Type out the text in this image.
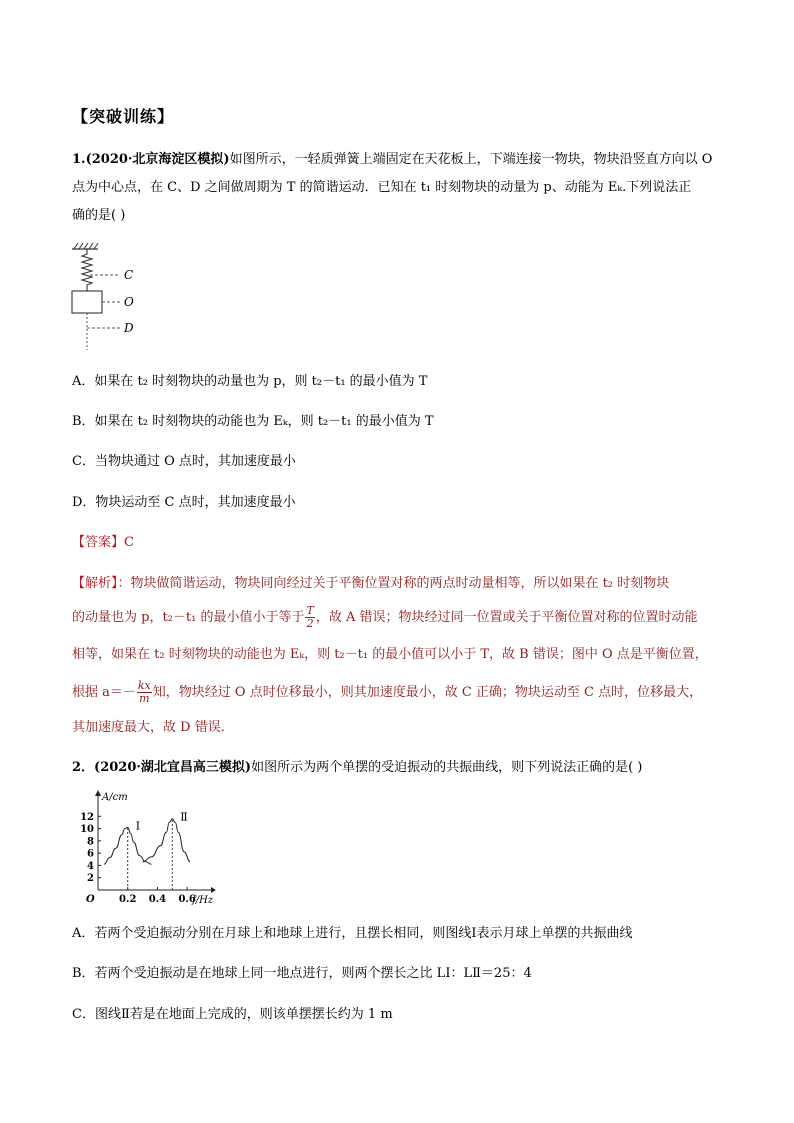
【突破训练】
1.(2020·北京海淀区模拟)如图所示，一轻质弹簧上端固定在天花板上，下端连接一物块，物块沿竖直方向以 O
点为中心点，在 C、D 之间做周期为 T 的简谐运动．已知在 t₁ 时刻物块的动量为 p、动能为 Eₖ.下列说法正
确的是( )
C
O
D
A．如果在 t₂ 时刻物块的动量也为 p，则 t₂－t₁ 的最小值为 T
B．如果在 t₂ 时刻物块的动能也为 Eₖ，则 t₂－t₁ 的最小值为 T
C．当物块通过 O 点时，其加速度最小
D．物块运动至 C 点时，其加速度最小
【答案】C
【解析】：物块做简谐运动，物块同向经过关于平衡位置对称的两点时动量相等，所以如果在 t₂ 时刻物块
的动量也为 p，t₂－t₁ 的最小值小于等于 $\frac{T}{2}$ ，故 A 错误；物块经过同一位置或关于平衡位置对称的位置时动能
相等，如果在 t₂ 时刻物块的动能也为 Eₖ，则 t₂－t₁ 的最小值可以小于 T，故 B 错误；图中 O 点是平衡位置，
根据 $a=- \frac{kx}{m}$ 知，物块经过 O 点时位移最小，则其加速度最小，故 C 正确；物块运动至 C 点时，位移最大，
其加速度最大，故 D 错误．
2．(2020·湖北宜昌高三模拟)如图所示为两个单摆的受迫振动的共振曲线，则下列说法正确的是( )
2
4
6
8
10
12
0.2 0.4 0.6
Ⅰ
Ⅱ
A/cm
f/Hz
O
A．若两个受迫振动分别在月球上和地球上进行，且摆长相同，则图线Ⅰ表示月球上单摆的共振曲线
B．若两个受迫振动是在地球上同一地点进行，则两个摆长之比 LⅠ：LⅡ＝25：4
C．图线Ⅱ若是在地面上完成的，则该单摆摆长约为 1 m
